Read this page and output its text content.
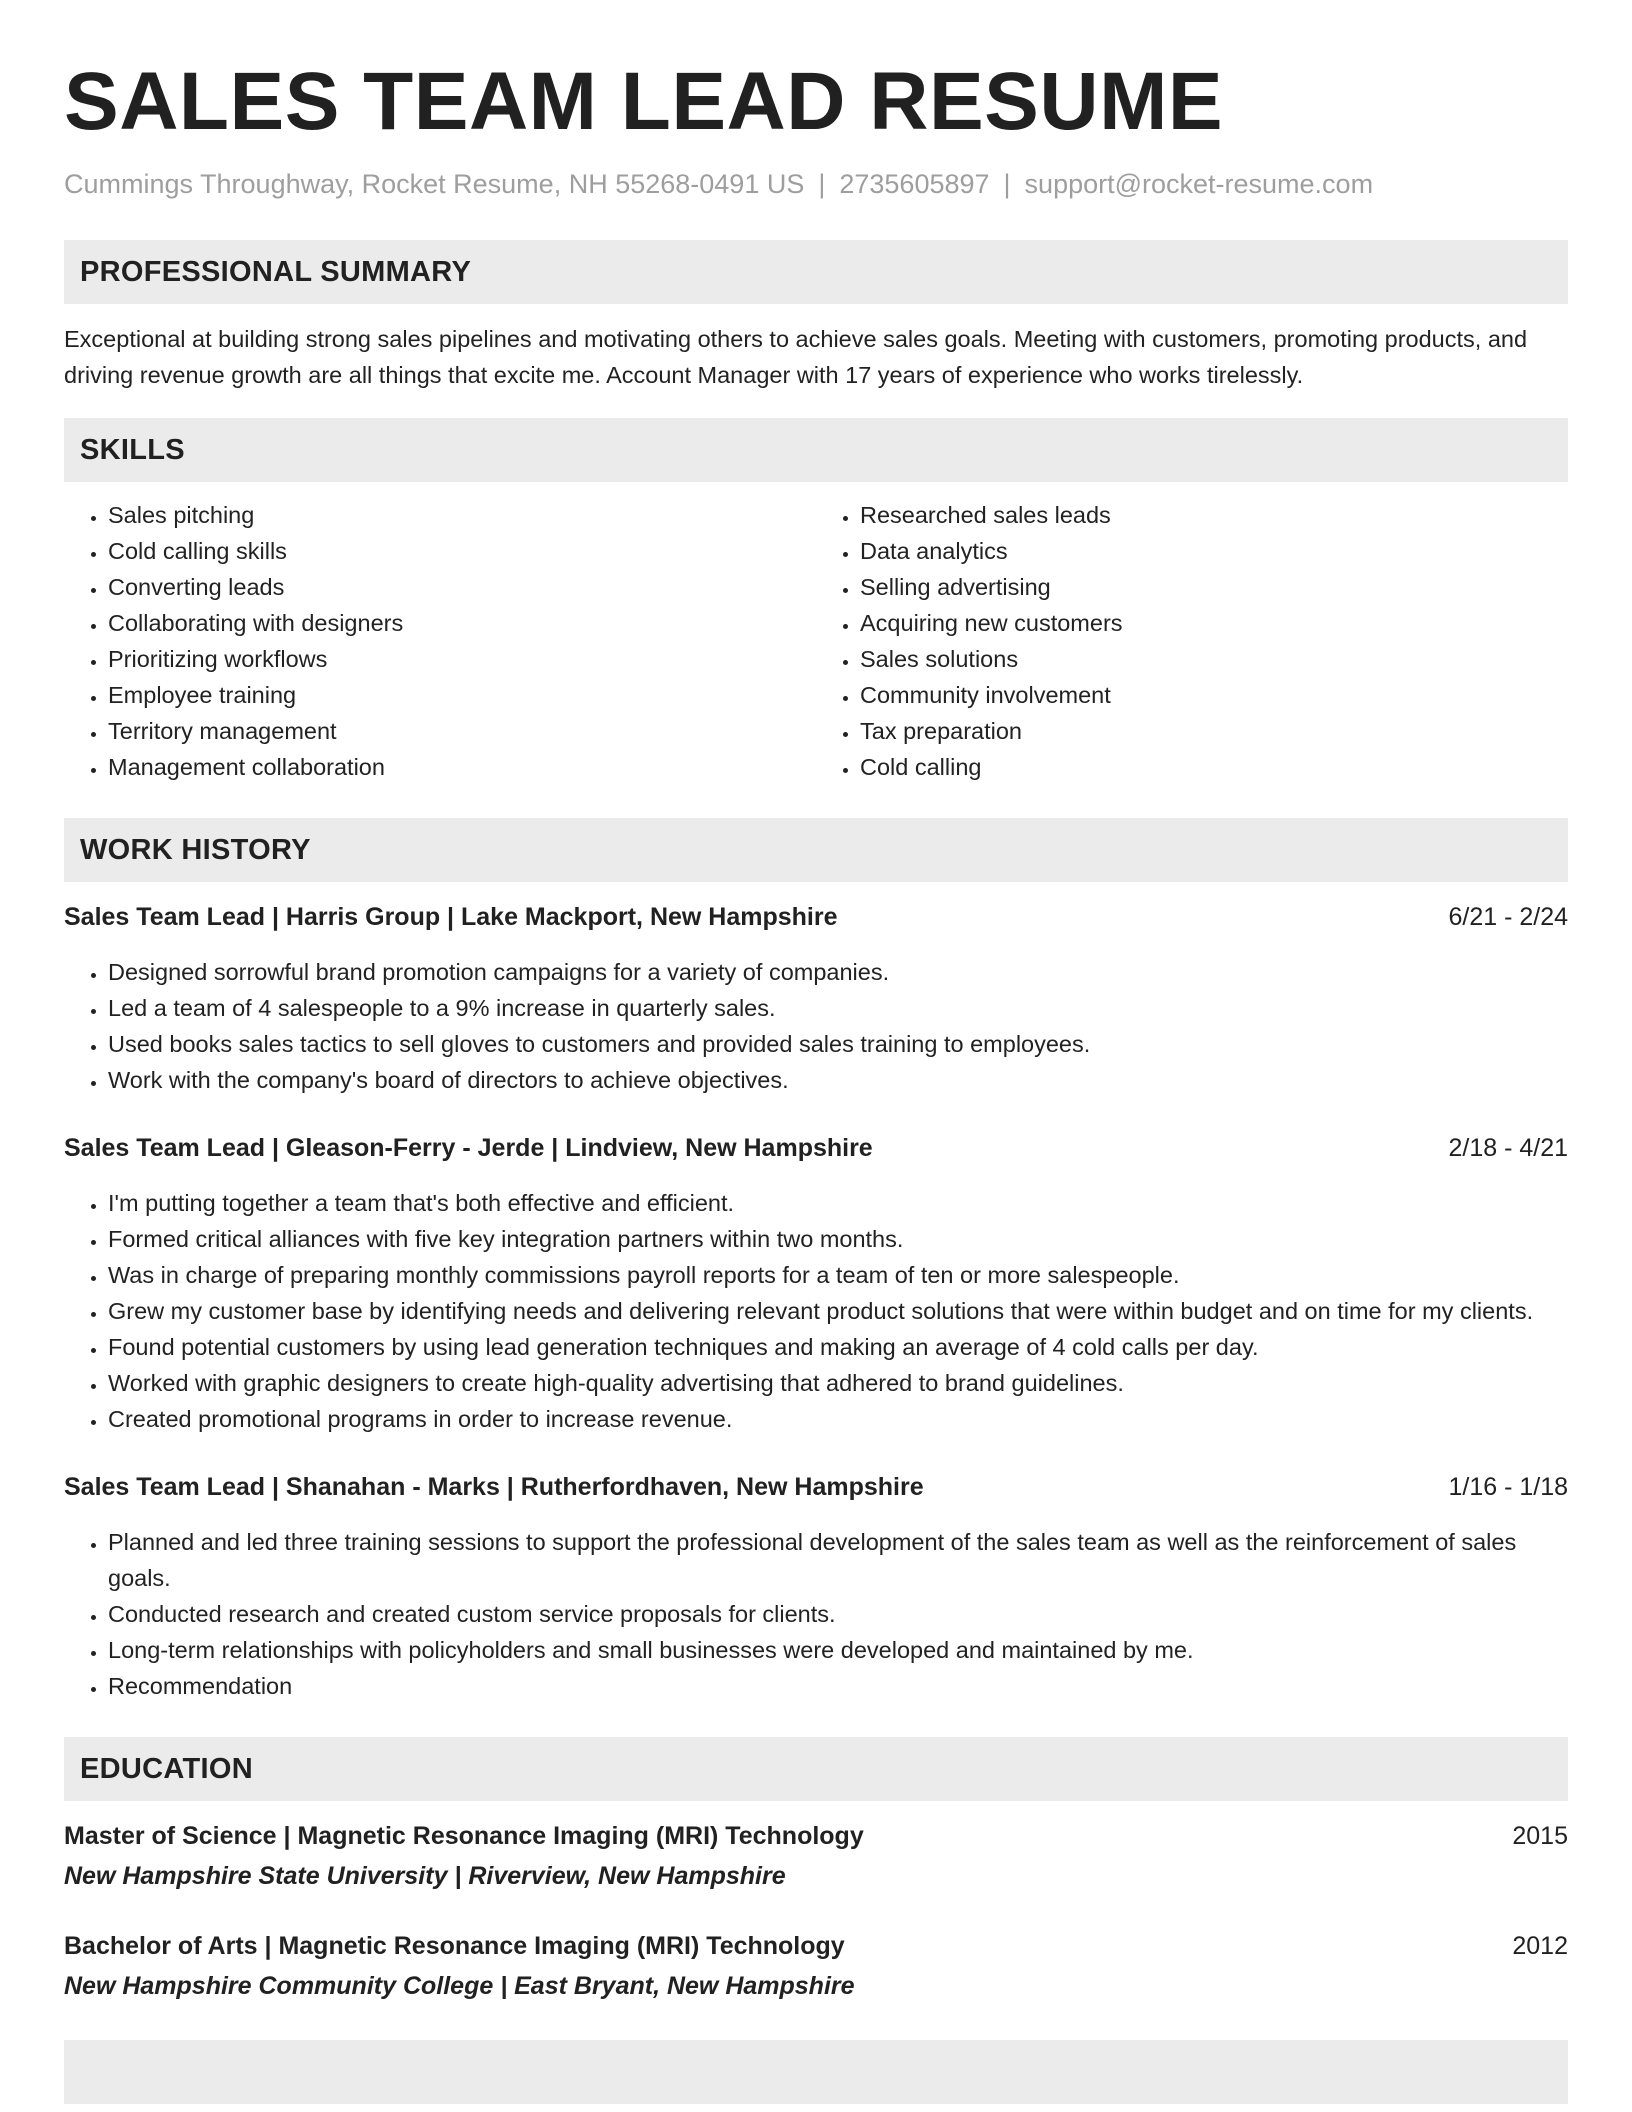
SALES TEAM LEAD RESUME
Cummings Throughway, Rocket Resume, NH 55268-0491 US | 2735605897 | support@rocket-resume.com
PROFESSIONAL SUMMARY

Exceptional at building strong sales pipelines and motivating others to achieve sales goals. Meeting with customers, promoting products, and driving revenue growth are all things that excite me. Account Manager with 17 years of experience who works tirelessly.

SKILLS
• Sales pitching
• Cold calling skills
• Converting leads
• Collaborating with designers
• Prioritizing workflows
• Employee training
• Territory management
• Management collaboration
• Researched sales leads
• Data analytics
• Selling advertising
• Acquiring new customers
• Sales solutions
• Community involvement
• Tax preparation
• Cold calling
WORK HISTORY
Sales Team Lead | Harris Group | Lake Mackport, New Hampshire	6/21 - 2/24
• Designed sorrowful brand promotion campaigns for a variety of companies.
• Led a team of 4 salespeople to a 9% increase in quarterly sales.
• Used books sales tactics to sell gloves to customers and provided sales training to employees.
• Work with the company's board of directors to achieve objectives.
Sales Team Lead | Gleason-Ferry - Jerde | Lindview, New Hampshire	2/18 - 4/21
• I'm putting together a team that's both effective and efficient.
• Formed critical alliances with five key integration partners within two months.
• Was in charge of preparing monthly commissions payroll reports for a team of ten or more salespeople.
• Grew my customer base by identifying needs and delivering relevant product solutions that were within budget and on time for my clients.
• Found potential customers by using lead generation techniques and making an average of 4 cold calls per day.
• Worked with graphic designers to create high-quality advertising that adhered to brand guidelines.
• Created promotional programs in order to increase revenue.
Sales Team Lead | Shanahan - Marks | Rutherfordhaven, New Hampshire	1/16 - 1/18
• Planned and led three training sessions to support the professional development of the sales team as well as the reinforcement of sales goals.
• Conducted research and created custom service proposals for clients.
• Long-term relationships with policyholders and small businesses were developed and maintained by me.
• Recommendation
EDUCATION
Master of Science | Magnetic Resonance Imaging (MRI) Technology	2015
New Hampshire State University | Riverview, New Hampshire
Bachelor of Arts | Magnetic Resonance Imaging (MRI) Technology	2012
New Hampshire Community College | East Bryant, New Hampshire
